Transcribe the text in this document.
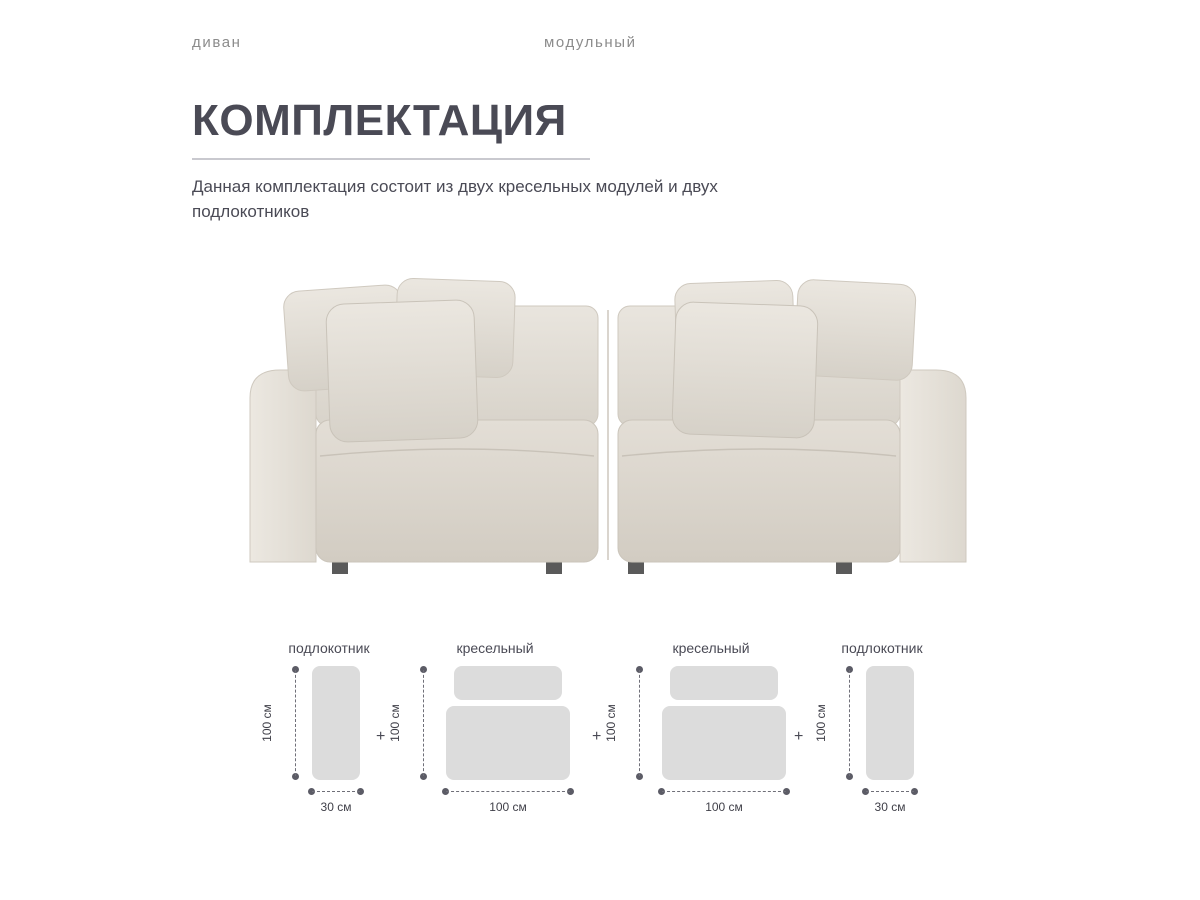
диван	модульный
КОМПЛЕКТАЦИЯ

Данная комплектация состоит из двух кресельных модулей и двух подлокотников

подлокотник
100 см
30 см
+
кресельный
100 см
100 см
+
кресельный
100 см
100 см
+
подлокотник
100 см
30 см
